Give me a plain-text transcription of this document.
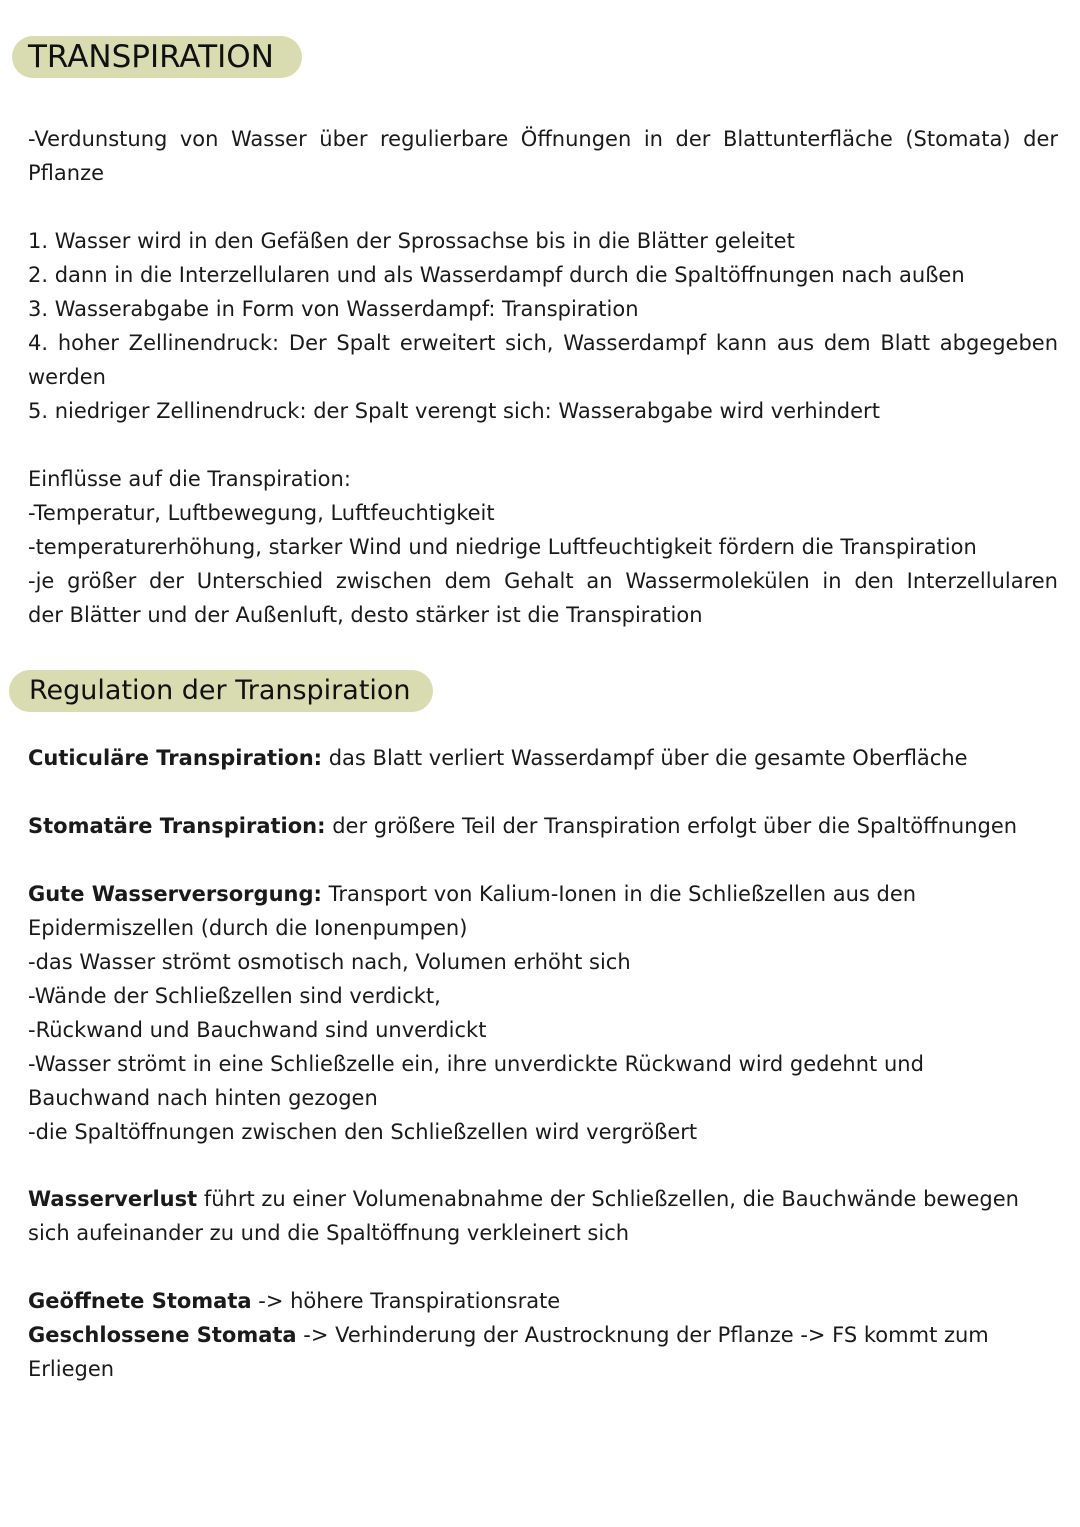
TRANSPIRATION

-Verdunstung von Wasser über regulierbare Öffnungen in der Blattunterfläche (Stomata) der

Pflanze

1. Wasser wird in den Gefäßen der Sprossachse bis in die Blätter geleitet

2. dann in die Interzellularen und als Wasserdampf durch die Spaltöffnungen nach außen

3. Wasserabgabe in Form von Wasserdampf: Transpiration

4. hoher Zellinendruck: Der Spalt erweitert sich, Wasserdampf kann aus dem Blatt abgegeben

werden

5. niedriger Zellinendruck: der Spalt verengt sich: Wasserabgabe wird verhindert

Einflüsse auf die Transpiration:

-Temperatur, Luftbewegung, Luftfeuchtigkeit

-temperaturerhöhung, starker Wind und niedrige Luftfeuchtigkeit fördern die Transpiration

-je größer der Unterschied zwischen dem Gehalt an Wassermolekülen in den Interzellularen

der Blätter und der Außenluft, desto stärker ist die Transpiration

Regulation der Transpiration

Cuticuläre Transpiration: das Blatt verliert Wasserdampf über die gesamte Oberfläche

Stomatäre Transpiration: der größere Teil der Transpiration erfolgt über die Spaltöffnungen

Gute Wasserversorgung: Transport von Kalium-Ionen in die Schließzellen aus den

Epidermiszellen (durch die Ionenpumpen)

-das Wasser strömt osmotisch nach, Volumen erhöht sich

-Wände der Schließzellen sind verdickt,

-Rückwand und Bauchwand sind unverdickt

-Wasser strömt in eine Schließzelle ein, ihre unverdickte Rückwand wird gedehnt und

Bauchwand nach hinten gezogen

-die Spaltöffnungen zwischen den Schließzellen wird vergrößert

Wasserverlust führt zu einer Volumenabnahme der Schließzellen, die Bauchwände bewegen

sich aufeinander zu und die Spaltöffnung verkleinert sich

Geöffnete Stomata -> höhere Transpirationsrate

Geschlossene Stomata -> Verhinderung der Austrocknung der Pflanze -> FS kommt zum

Erliegen
